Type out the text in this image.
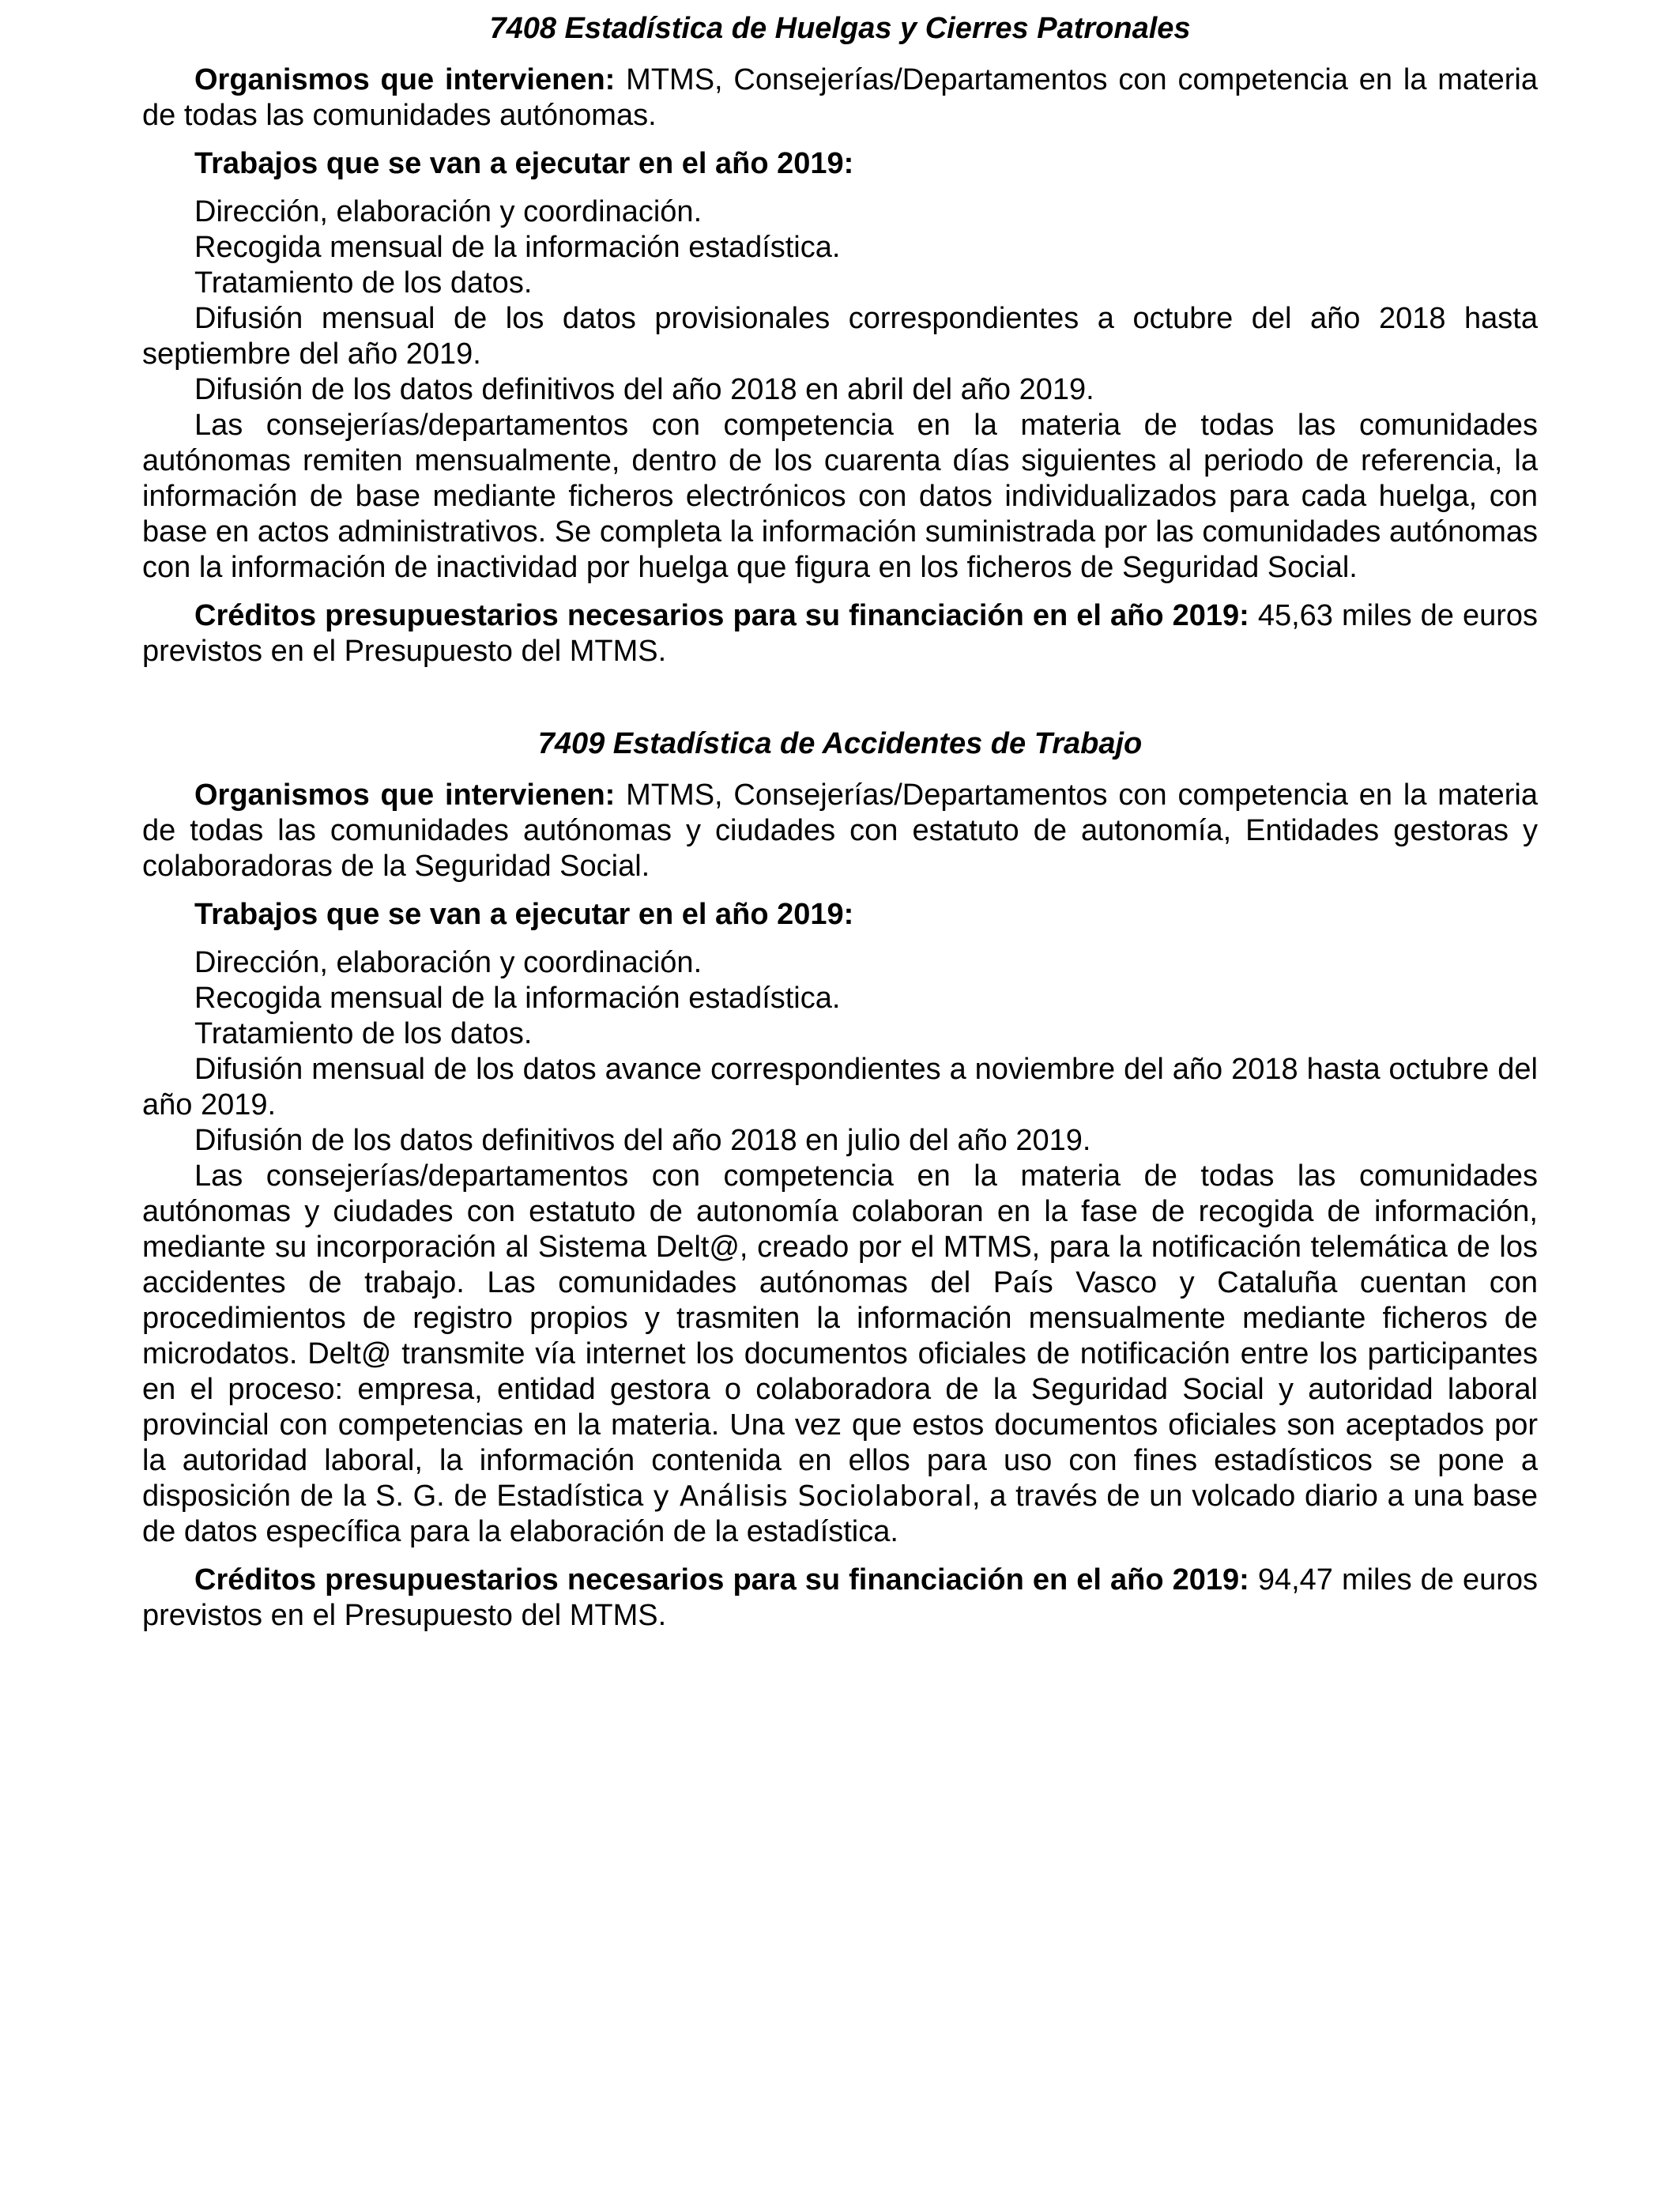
7408 Estadística de Huelgas y Cierres Patronales

Organismos que intervienen: MTMS, Consejerías/Departamentos con competencia en la materia de todas las comunidades autónomas.

Trabajos que se van a ejecutar en el año 2019:

Dirección, elaboración y coordinación.

Recogida mensual de la información estadística.

Tratamiento de los datos.

Difusión mensual de los datos provisionales correspondientes a octubre del año 2018 hasta septiembre del año 2019.

Difusión de los datos definitivos del año 2018 en abril del año 2019.

Las consejerías/departamentos con competencia en la materia de todas las comunidades autónomas remiten mensualmente, dentro de los cuarenta días siguientes al periodo de referencia, la información de base mediante ficheros electrónicos con datos individualizados para cada huelga, con base en actos administrativos. Se completa la información suministrada por las comunidades autónomas con la información de inactividad por huelga que figura en los ficheros de Seguridad Social.

Créditos presupuestarios necesarios para su financiación en el año 2019: 45,63 miles de euros previstos en el Presupuesto del MTMS.

7409 Estadística de Accidentes de Trabajo

Organismos que intervienen: MTMS, Consejerías/Departamentos con competencia en la materia de todas las comunidades autónomas y ciudades con estatuto de autonomía, Entidades gestoras y colaboradoras de la Seguridad Social.

Trabajos que se van a ejecutar en el año 2019:

Dirección, elaboración y coordinación.

Recogida mensual de la información estadística.

Tratamiento de los datos.

Difusión mensual de los datos avance correspondientes a noviembre del año 2018 hasta octubre del año 2019.

Difusión de los datos definitivos del año 2018 en julio del año 2019.

Las consejerías/departamentos con competencia en la materia de todas las comunidades autónomas y ciudades con estatuto de autonomía colaboran en la fase de recogida de información, mediante su incorporación al Sistema Delt@, creado por el MTMS, para la notificación telemática de los accidentes de trabajo. Las comunidades autónomas del País Vasco y Cataluña cuentan con procedimientos de registro propios y trasmiten la información mensualmente mediante ficheros de microdatos. Delt@ transmite vía internet los documentos oficiales de notificación entre los participantes en el proceso: empresa, entidad gestora o colaboradora de la Seguridad Social y autoridad laboral provincial con competencias en la materia. Una vez que estos documentos oficiales son aceptados por la autoridad laboral, la información contenida en ellos para uso con fines estadísticos se pone a disposición de la S. G. de Estadística y Análisis Sociolaboral, a través de un volcado diario a una base de datos específica para la elaboración de la estadística.

Créditos presupuestarios necesarios para su financiación en el año 2019: 94,47 miles de euros previstos en el Presupuesto del MTMS.
